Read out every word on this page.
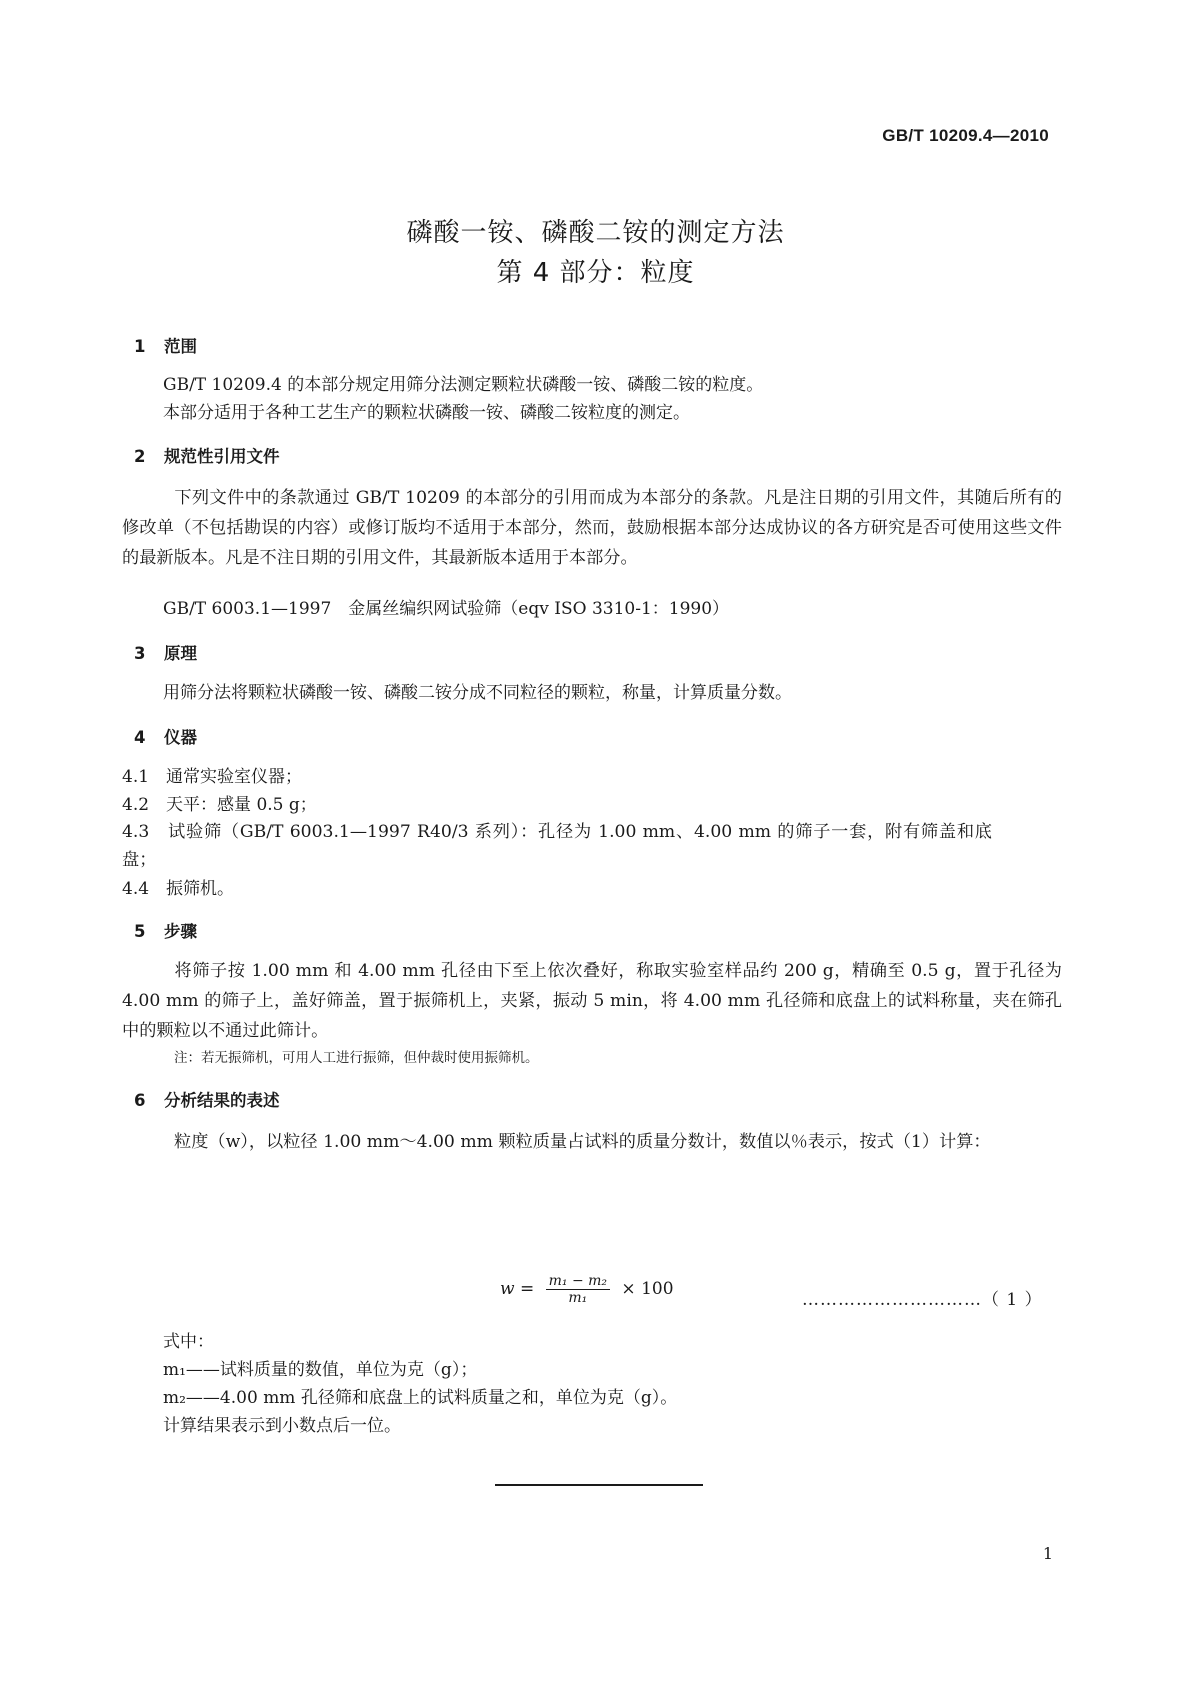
GB/T 10209.4—2010
磷酸一铵、磷酸二铵的测定方法
第 4 部分：粒度
1 范围
GB/T 10209.4 的本部分规定用筛分法测定颗粒状磷酸一铵、磷酸二铵的粒度。
本部分适用于各种工艺生产的颗粒状磷酸一铵、磷酸二铵粒度的测定。
2 规范性引用文件
下列文件中的条款通过 GB/T 10209 的本部分的引用而成为本部分的条款。凡是注日期的引用文件，其随后所有的修改单（不包括勘误的内容）或修订版均不适用于本部分，然而，鼓励根据本部分达成协议的各方研究是否可使用这些文件的最新版本。凡是不注日期的引用文件，其最新版本适用于本部分。
GB/T 6003.1—1997　金属丝编织网试验筛（eqv ISO 3310-1：1990）
3 原理
用筛分法将颗粒状磷酸一铵、磷酸二铵分成不同粒径的颗粒，称量，计算质量分数。
4 仪器
4.1　通常实验室仪器；
4.2　天平：感量 0.5 g；
4.3　试验筛（GB/T 6003.1—1997 R40/3 系列）：孔径为 1.00 mm、4.00 mm 的筛子一套，附有筛盖和底盘；
4.4　振筛机。
5 步骤
将筛子按 1.00 mm 和 4.00 mm 孔径由下至上依次叠好，称取实验室样品约 200 g，精确至 0.5 g，置于孔径为 4.00 mm 的筛子上，盖好筛盖，置于振筛机上，夹紧，振动 5 min，将 4.00 mm 孔径筛和底盘上的试料称量，夹在筛孔中的颗粒以不通过此筛计。
注：若无振筛机，可用人工进行振筛，但仲裁时使用振筛机。
6 分析结果的表述
粒度（w），以粒径 1.00 mm～4.00 mm 颗粒质量占试料的质量分数计，数值以％表示，按式（1）计算：
$w = \frac{\text{m₁ − m₂}}{\text{m₁}} \times 100$
…………………………（ 1 ）
式中：
m₁——试料质量的数值，单位为克（g）；
m₂——4.00 mm 孔径筛和底盘上的试料质量之和，单位为克（g）。
计算结果表示到小数点后一位。
1
